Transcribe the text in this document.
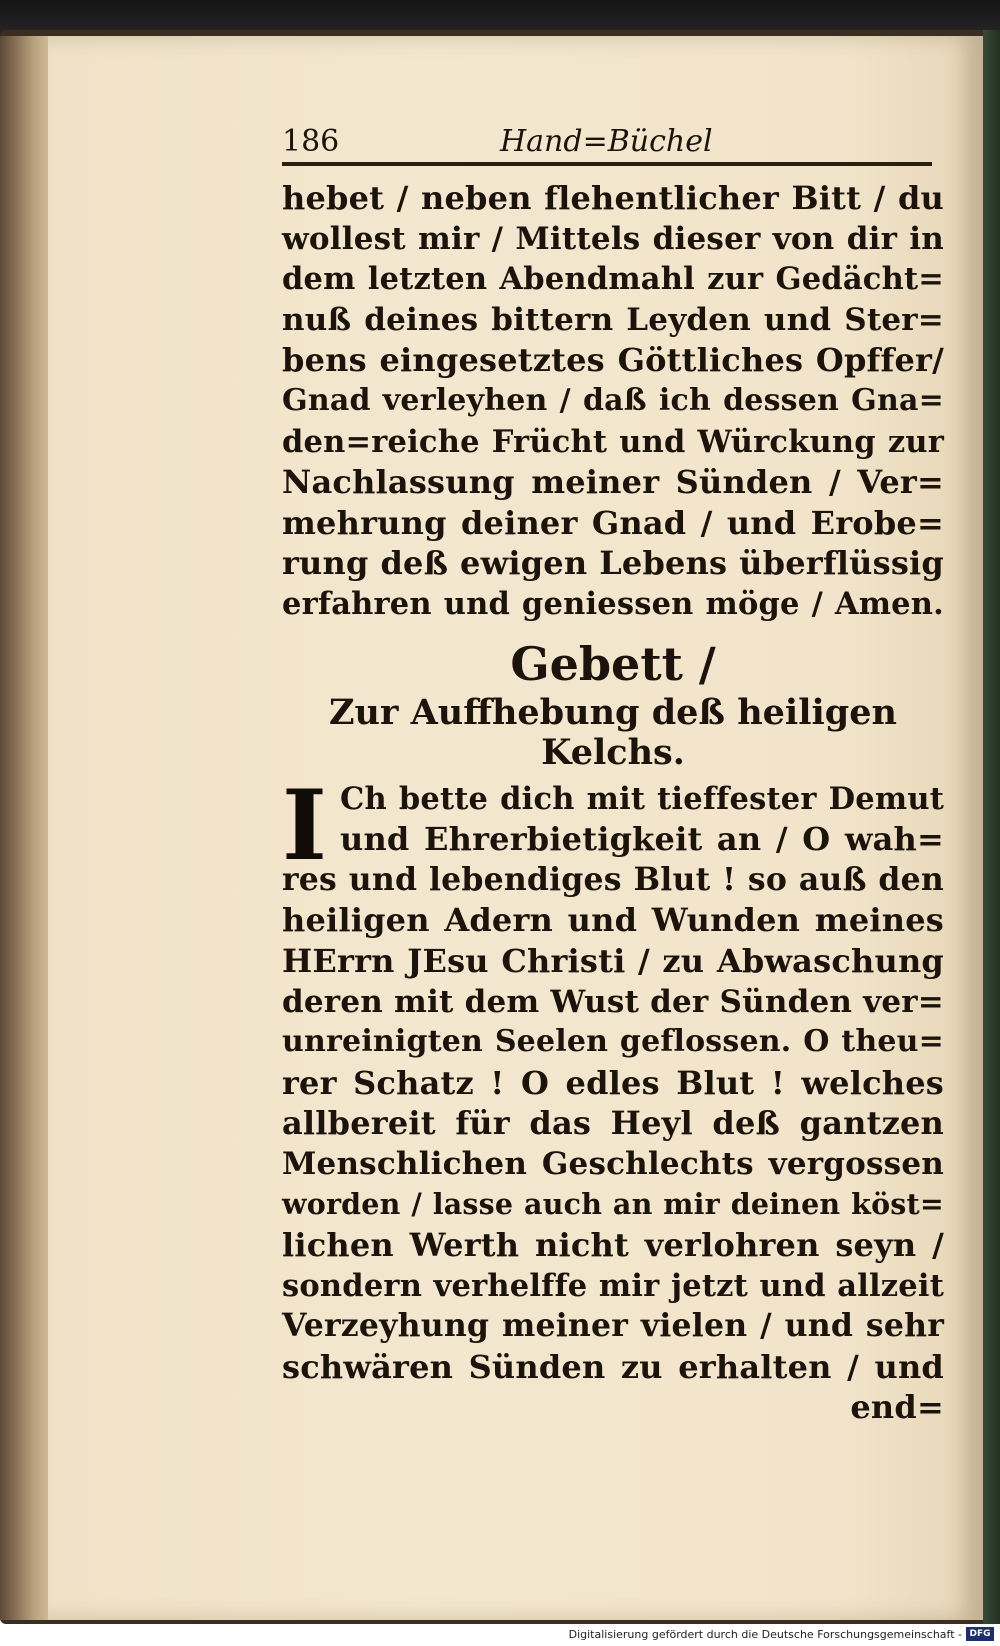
186	Hand=Büchel
hebet / neben flehentlicher Bitt / du
wollest mir / Mittels dieser von dir in
dem letzten Abendmahl zur Gedächt=
nuß deines bittern Leyden und Ster=
bens eingesetztes Göttliches Opffer/
Gnad verleyhen / daß ich dessen Gna=
den=reiche Frücht und Würckung zur
Nachlassung meiner Sünden / Ver=
mehrung deiner Gnad / und Erobe=
rung deß ewigen Lebens überflüssig
erfahren und geniessen möge / Amen.
Gebett /
Zur Auffhebung deß heiligen
Kelchs.
I Ch bette dich mit tieffester Demut
und Ehrerbietigkeit an / O wah=
res und lebendiges Blut ! so auß den
heiligen Adern und Wunden meines
HErrn JEsu Christi / zu Abwaschung
deren mit dem Wust der Sünden ver=
unreinigten Seelen geflossen. O theu=
rer Schatz ! O edles Blut ! welches
allbereit für das Heyl deß gantzen
Menschlichen Geschlechts vergossen
worden / lasse auch an mir deinen köst=
lichen Werth nicht verlohren seyn /
sondern verhelffe mir jetzt und allzeit
Verzeyhung meiner vielen / und sehr
schwären Sünden zu erhalten / und
end=
Digitalisierung gefördert durch die Deutsche Forschungsgemeinschaft - DFG
